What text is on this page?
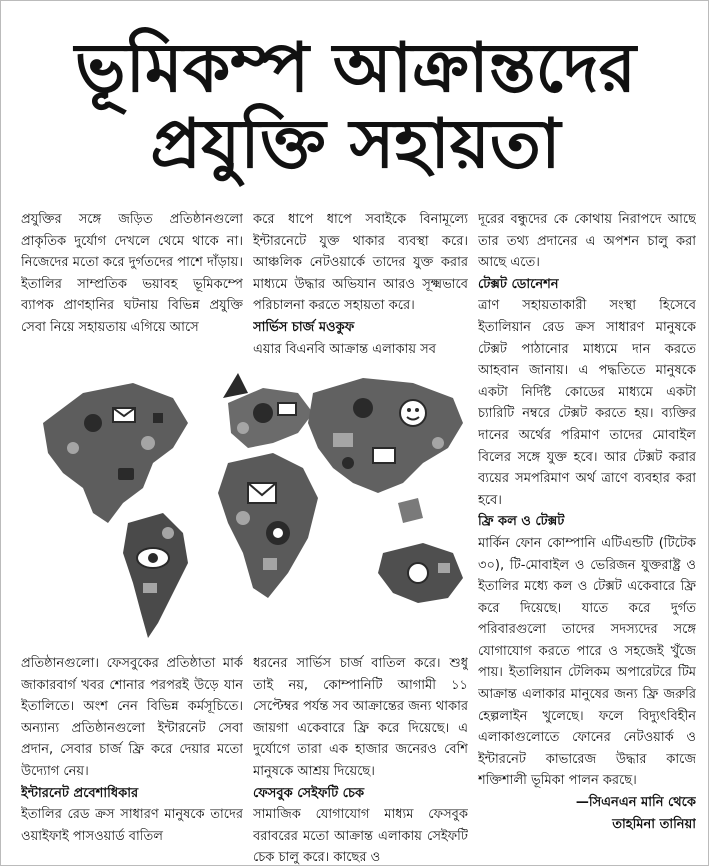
ভূমিকম্প আক্রান্তদের
প্রযুক্তি সহায়তা

প্রযুক্তির সঙ্গে জড়িত প্রতিষ্ঠানগুলো প্রাকৃতিক দুর্যোগ দেখলে থেমে থাকে না। নিজেদের মতো করে দুর্গতদের পাশে দাঁড়ায়। ইতালির সাম্প্রতিক ভয়াবহ ভূমিকম্পে ব্যাপক প্রাণহানির ঘটনায় বিভিন্ন প্রযুক্তি সেবা নিয়ে সহায়তায় এগিয়ে আসে

করে ধাপে ধাপে সবাইকে বিনামূল্যে ইন্টারনেটে যুক্ত থাকার ব্যবস্থা করে। আঞ্চলিক নেটওয়ার্কে তাদের যুক্ত করার মাধ্যমে উদ্ধার অভিযান আরও সূক্ষ্মভাবে পরিচালনা করতে সহায়তা করে।

সার্ভিস চার্জ মওকুফ

এয়ার বিএনবি আক্রান্ত এলাকায় সব

দূরের বন্ধুদের কে কোথায় নিরাপদে আছে তার তথ্য প্রদানের এ অপশন চালু করা আছে এতে।

টেক্সট ডোনেশন

ত্রাণ সহায়তাকারী সংস্থা হিসেবে ইতালিয়ান রেড ক্রস সাধারণ মানুষকে টেক্সট পাঠানোর মাধ্যমে দান করতে আহবান জানায়। এ পদ্ধতিতে মানুষকে একটা নির্দিষ্ট কোডের মাধ্যমে একটা চ্যারিটি নম্বরে টেক্সট করতে হয়। ব্যক্তির দানের অর্থের পরিমাণ তাদের মোবাইল বিলের সঙ্গে যুক্ত হবে। আর টেক্সট করার ব্যয়ের সমপরিমাণ অর্থ ত্রাণে ব্যবহার করা হবে।

ফ্রি কল ও টেক্সট

মার্কিন ফোন কোম্পানি এটিএন্ডটি (টিটেক ৩০), টি-মোবাইল ও ভেরিজন যুক্তরাষ্ট্র ও ইতালির মধ্যে কল ও টেক্সট একেবারে ফ্রি করে দিয়েছে। যাতে করে দুর্গত পরিবারগুলো তাদের সদস্যদের সঙ্গে যোগাযোগ করতে পারে ও সহজেই খুঁজে পায়। ইতালিয়ান টেলিকম অপারেটরে টিম আক্রান্ত এলাকার মানুষের জন্য ফ্রি জরুরি হেল্পলাইন খুলেছে। ফলে বিদ্যুৎবিহীন এলাকাগুলোতে ফোনের নেটওয়ার্ক ও ইন্টারনেট কাভারেজ উদ্ধার কাজে শক্তিশালী ভূমিকা পালন করছে।

—সিএনএন মানি থেকে

তাহমিনা তানিয়া

প্রতিষ্ঠানগুলো। ফেসবুকের প্রতিষ্ঠাতা মার্ক জাকারবার্গ খবর শোনার পরপরই উড়ে যান ইতালিতে। অংশ নেন বিভিন্ন কর্মসূচিতে। অন্যান্য প্রতিষ্ঠানগুলো ইন্টারনেট সেবা প্রদান, সেবার চার্জ ফ্রি করে দেয়ার মতো উদ্যোগ নেয়।

ইন্টারনেট প্রবেশাধিকার

ইতালির রেড ক্রস সাধারণ মানুষকে তাদের ওয়াইফাই পাসওয়ার্ড বাতিল

ধরনের সার্ভিস চার্জ বাতিল করে। শুধু তাই নয়, কোম্পানিটি আগামী ১১ সেপ্টেম্বর পর্যন্ত সব আক্রান্তের জন্য থাকার জায়গা একেবারে ফ্রি করে দিয়েছে। এ দুর্যোগে তারা এক হাজার জনেরও বেশি মানুষকে আশ্রয় দিয়েছে।

ফেসবুক সেইফটি চেক

সামাজিক যোগাযোগ মাধ্যম ফেসবুক বরাবরের মতো আক্রান্ত এলাকায় সেইফটি চেক চালু করে। কাছের ও
